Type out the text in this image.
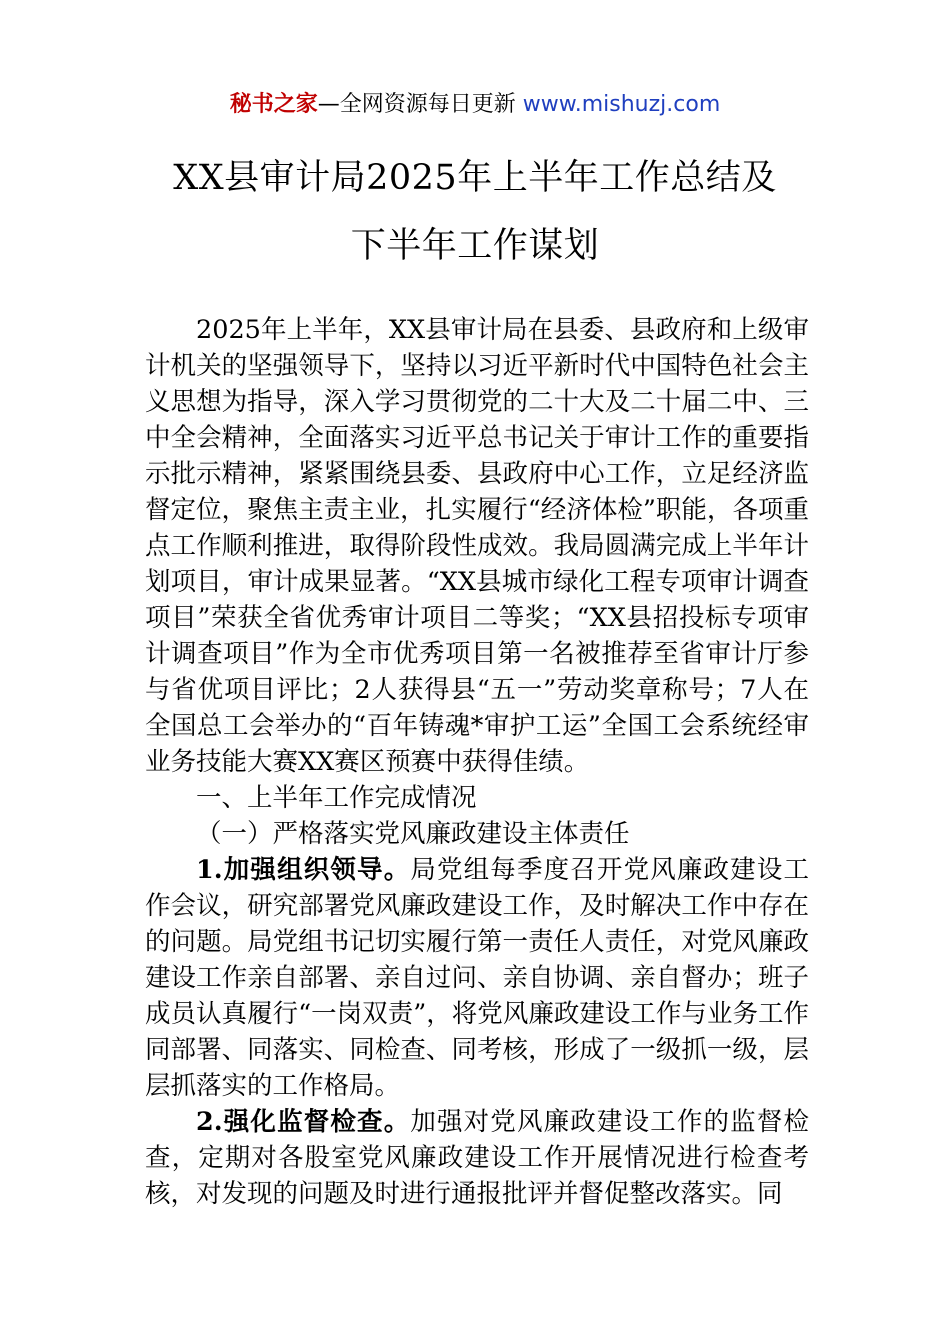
秘书之家—全网资源每日更新 www.mishuzj.com
XX县审计局2025年上半年工作总结及
下半年工作谋划

2025年上半年，XX县审计局在县委、县政府和上级审计机关的坚强领导下，坚持以习近平新时代中国特色社会主义思想为指导，深入学习贯彻党的二十大及二十届二中、三中全会精神，全面落实习近平总书记关于审计工作的重要指示批示精神，紧紧围绕县委、县政府中心工作，立足经济监督定位，聚焦主责主业，扎实履行“经济体检”职能，各项重点工作顺利推进，取得阶段性成效。我局圆满完成上半年计划项目，审计成果显著。“XX县城市绿化工程专项审计调查项目”荣获全省优秀审计项目二等奖；“XX县招投标专项审计调查项目”作为全市优秀项目第一名被推荐至省审计厅参与省优项目评比；2人获得县“五一”劳动奖章称号；7人在全国总工会举办的“百年铸魂*审护工运”全国工会系统经审业务技能大赛XX赛区预赛中获得佳绩。

一、上半年工作完成情况

（一）严格落实党风廉政建设主体责任

1.加强组织领导。局党组每季度召开党风廉政建设工作会议，研究部署党风廉政建设工作，及时解决工作中存在的问题。局党组书记切实履行第一责任人责任，对党风廉政建设工作亲自部署、亲自过问、亲自协调、亲自督办；班子成员认真履行“一岗双责”，将党风廉政建设工作与业务工作同部署、同落实、同检查、同考核，形成了一级抓一级，层层抓落实的工作格局。

2.强化监督检查。加强对党风廉政建设工作的监督检查，定期对各股室党风廉政建设工作开展情况进行检查考核，对发现的问题及时进行通报批评并督促整改落实。同
